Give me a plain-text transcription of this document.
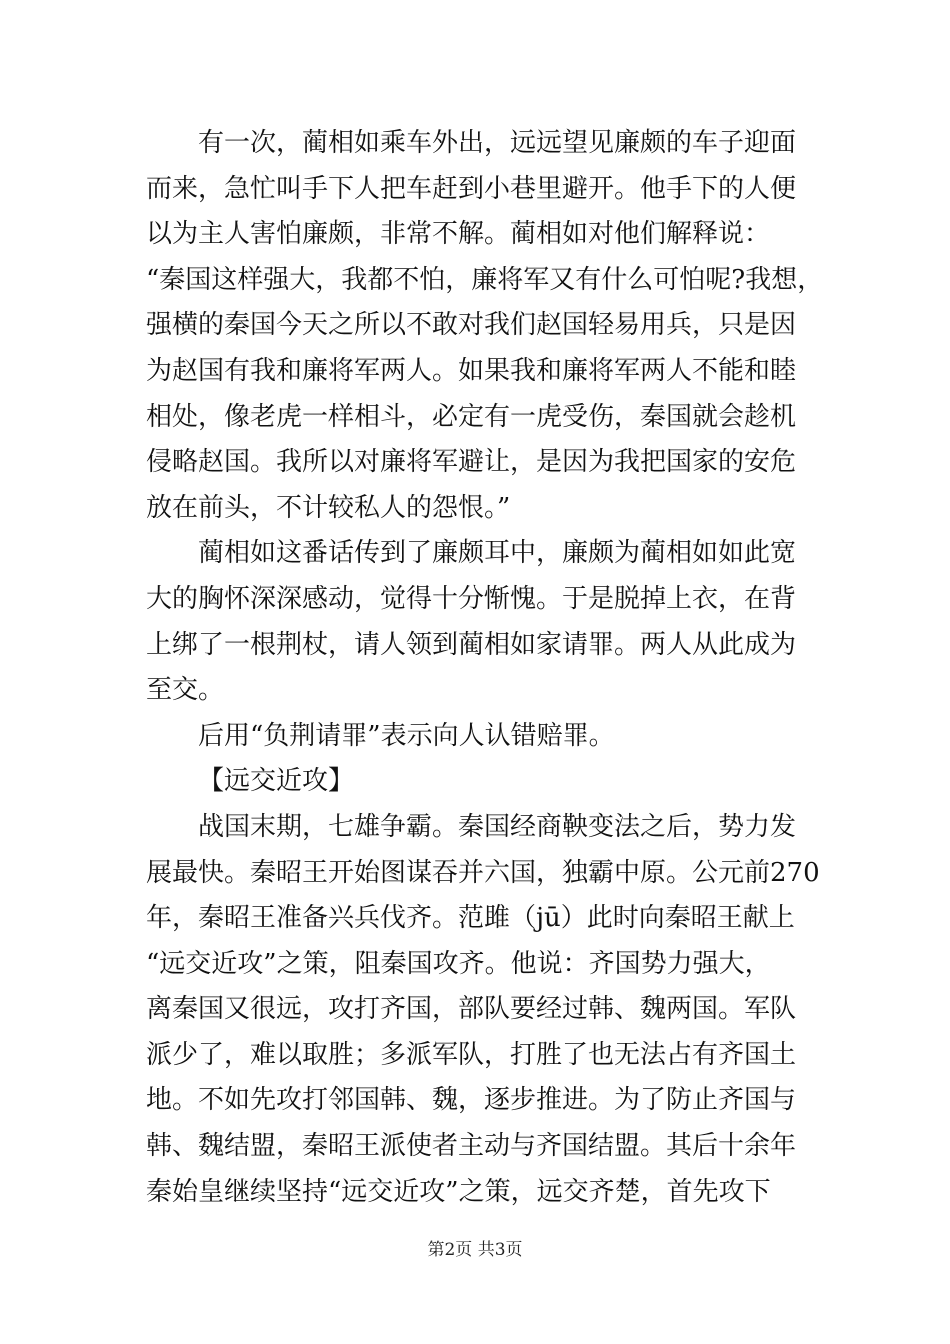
有一次，蔺相如乘车外出，远远望见廉颇的车子迎面
而来，急忙叫手下人把车赶到小巷里避开。他手下的人便
以为主人害怕廉颇，非常不解。蔺相如对他们解释说：
“秦国这样强大，我都不怕，廉将军又有什么可怕呢?我想，
强横的秦国今天之所以不敢对我们赵国轻易用兵，只是因
为赵国有我和廉将军两人。如果我和廉将军两人不能和睦
相处，像老虎一样相斗，必定有一虎受伤，秦国就会趁机
侵略赵国。我所以对廉将军避让，是因为我把国家的安危
放在前头，不计较私人的怨恨。”
蔺相如这番话传到了廉颇耳中，廉颇为蔺相如如此宽
大的胸怀深深感动，觉得十分惭愧。于是脱掉上衣，在背
上绑了一根荆杖，请人领到蔺相如家请罪。两人从此成为
至交。
后用“负荆请罪”表示向人认错赔罪。
【远交近攻】
战国末期，七雄争霸。秦国经商鞅变法之后，势力发
展最快。秦昭王开始图谋吞并六国，独霸中原。公元前270
年，秦昭王准备兴兵伐齐。范雎（jū）此时向秦昭王献上
“远交近攻”之策，阻秦国攻齐。他说：齐国势力强大，
离秦国又很远，攻打齐国，部队要经过韩、魏两国。军队
派少了，难以取胜；多派军队，打胜了也无法占有齐国土
地。不如先攻打邻国韩、魏，逐步推进。为了防止齐国与
韩、魏结盟，秦昭王派使者主动与齐国结盟。其后十余年
秦始皇继续坚持“远交近攻”之策，远交齐楚，首先攻下
第2页 共3页
